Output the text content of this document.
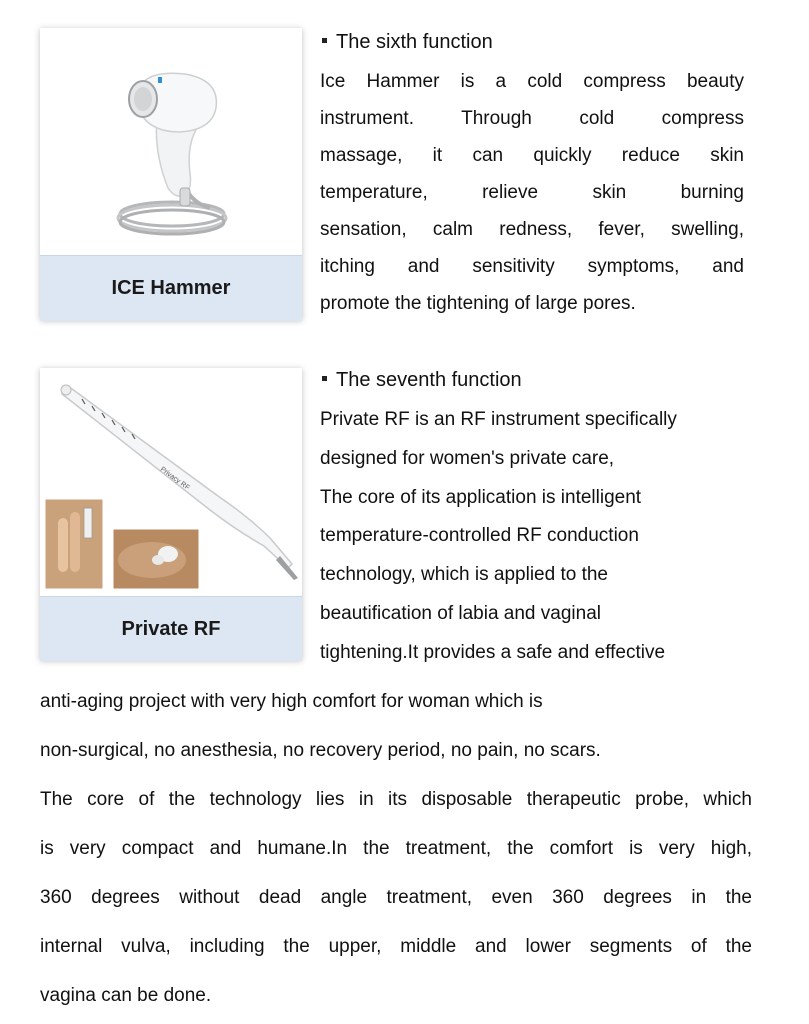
ICE Hammer
The sixth function
Ice Hammer is a cold compress beauty
instrument. Through cold compress
massage, it can quickly reduce skin
temperature, relieve skin burning
sensation, calm redness, fever, swelling,
itching and sensitivity symptoms, and
promote the tightening of large pores.
Privacy RF
Private RF
The seventh function
Private RF is an RF instrument specifically
designed for women's private care,
The core of its application is intelligent
temperature-controlled RF conduction
technology, which is applied to the
beautification of labia and vaginal
tightening.It provides a safe and effective
anti-aging project with very high comfort for woman which is
non-surgical, no anesthesia, no recovery period, no pain, no scars.
The core of the technology lies in its disposable therapeutic probe, which
is very compact and humane.In the treatment, the comfort is very high,
360 degrees without dead angle treatment, even 360 degrees in the
internal vulva, including the upper, middle and lower segments of the
vagina can be done.
